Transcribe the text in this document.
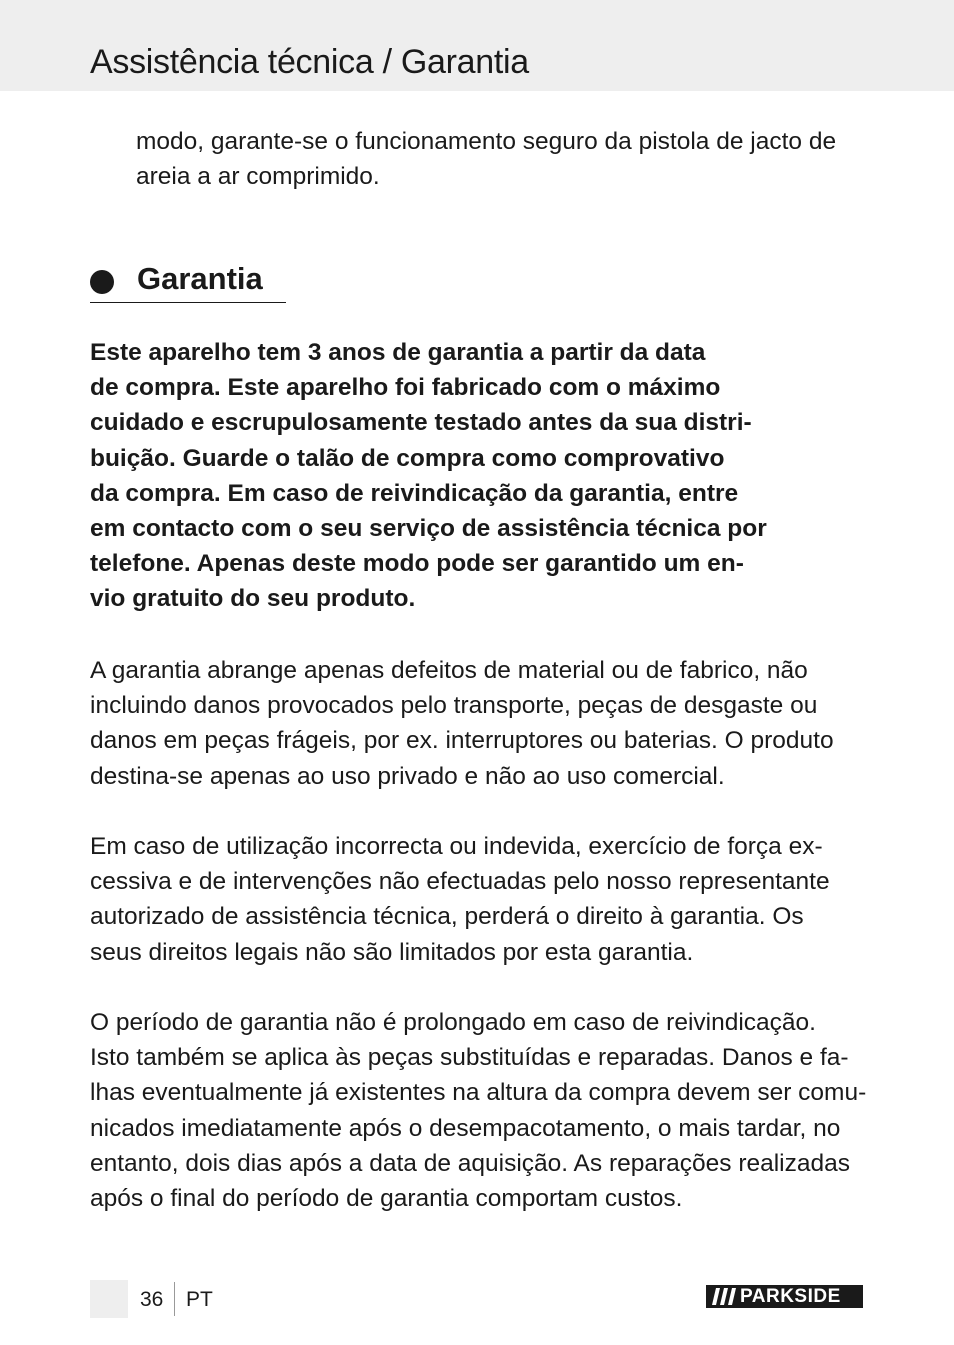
Assistência técnica / Garantia
modo, garante-se o funcionamento seguro da pistola de jacto de
areia a ar comprimido.
Garantia
Este aparelho tem 3 anos de garantia a partir da data
de compra. Este aparelho foi fabricado com o máximo
cuidado e escrupulosamente testado antes da sua distri-
buição. Guarde o talão de compra como comprovativo
da compra. Em caso de reivindicação da garantia, entre
em contacto com o seu serviço de assistência técnica por
telefone. Apenas deste modo pode ser garantido um en-
vio gratuito do seu produto.
A garantia abrange apenas defeitos de material ou de fabrico, não
incluindo danos provocados pelo transporte, peças de desgaste ou
danos em peças frágeis, por ex. interruptores ou baterias. O produto
destina-se apenas ao uso privado e não ao uso comercial.
Em caso de utilização incorrecta ou indevida, exercício de força ex-
cessiva e de intervenções não efectuadas pelo nosso representante
autorizado de assistência técnica, perderá o direito à garantia. Os
seus direitos legais não são limitados por esta garantia.
O período de garantia não é prolongado em caso de reivindicação.
Isto também se aplica às peças substituídas e reparadas. Danos e fa-
lhas eventualmente já existentes na altura da compra devem ser comu-
nicados imediatamente após o desempacotamento, o mais tardar, no
entanto, dois dias após a data de aquisição. As reparações realizadas
após o final do período de garantia comportam custos.
36 PT	PARKSIDE
